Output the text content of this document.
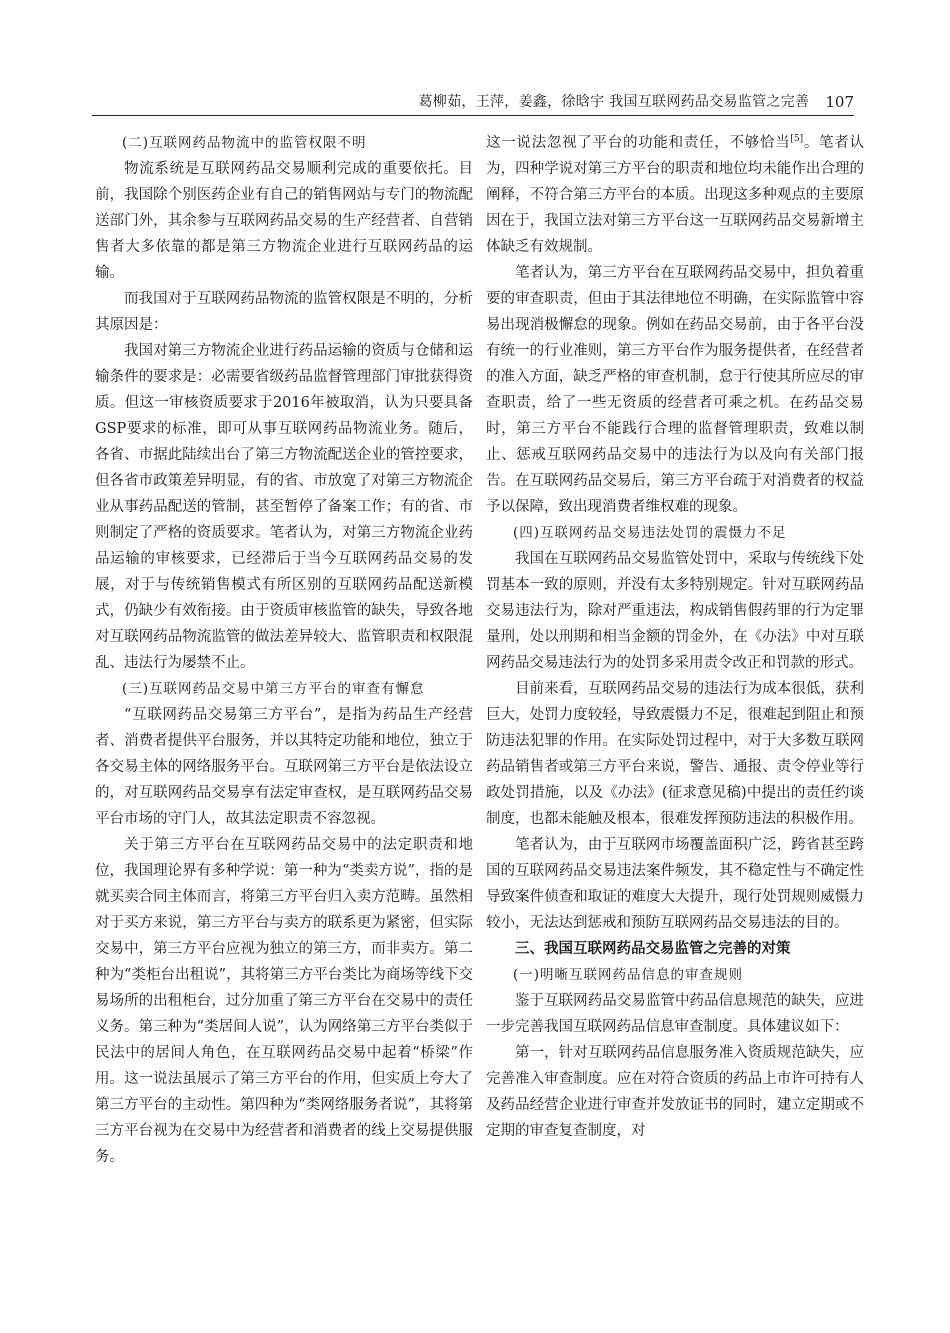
葛柳茹，王萍，姜鑫，徐晗宇 我国互联网药品交易监管之完善 107
(二)互联网药品物流中的监管权限不明

物流系统是互联网药品交易顺利完成的重要依托。目前，我国除个别医药企业有自己的销售网站与专门的物流配送部门外，其余参与互联网药品交易的生产经营者、自营销售者大多依靠的都是第三方物流企业进行互联网药品的运输。

而我国对于互联网药品物流的监管权限是不明的，分析其原因是：

我国对第三方物流企业进行药品运输的资质与仓储和运输条件的要求是：必需要省级药品监督管理部门审批获得资质。但这一审核资质要求于2016年被取消，认为只要具备GSP要求的标准，即可从事互联网药品物流业务。随后，各省、市据此陆续出台了第三方物流配送企业的管控要求，但各省市政策差异明显，有的省、市放宽了对第三方物流企业从事药品配送的管制，甚至暂停了备案工作；有的省、市则制定了严格的资质要求。笔者认为，对第三方物流企业药品运输的审核要求，已经滞后于当今互联网药品交易的发展，对于与传统销售模式有所区别的互联网药品配送新模式，仍缺少有效衔接。由于资质审核监管的缺失，导致各地对互联网药品物流监管的做法差异较大、监管职责和权限混乱、违法行为屡禁不止。

(三)互联网药品交易中第三方平台的审查有懈怠

“互联网药品交易第三方平台”，是指为药品生产经营者、消费者提供平台服务，并以其特定功能和地位，独立于各交易主体的网络服务平台。互联网第三方平台是依法设立的，对互联网药品交易享有法定审查权，是互联网药品交易平台市场的守门人，故其法定职责不容忽视。

关于第三方平台在互联网药品交易中的法定职责和地位，我国理论界有多种学说：第一种为“类卖方说”，指的是就买卖合同主体而言，将第三方平台归入卖方范畴。虽然相对于买方来说，第三方平台与卖方的联系更为紧密，但实际交易中，第三方平台应视为独立的第三方，而非卖方。第二种为“类柜台出租说”，其将第三方平台类比为商场等线下交易场所的出租柜台，过分加重了第三方平台在交易中的责任义务。第三种为“类居间人说”，认为网络第三方平台类似于民法中的居间人角色，在互联网药品交易中起着“桥梁”作用。这一说法虽展示了第三方平台的作用，但实质上夸大了第三方平台的主动性。第四种为“类网络服务者说”，其将第三方平台视为在交易中为经营者和消费者的线上交易提供服务。

这一说法忽视了平台的功能和责任，不够恰当[5]。笔者认为，四种学说对第三方平台的职责和地位均未能作出合理的阐释，不符合第三方平台的本质。出现这多种观点的主要原因在于，我国立法对第三方平台这一互联网药品交易新增主体缺乏有效规制。

笔者认为，第三方平台在互联网药品交易中，担负着重要的审查职责，但由于其法律地位不明确，在实际监管中容易出现消极懈怠的现象。例如在药品交易前，由于各平台没有统一的行业准则，第三方平台作为服务提供者，在经营者的准入方面，缺乏严格的审查机制，怠于行使其所应尽的审查职责，给了一些无资质的经营者可乘之机。在药品交易时，第三方平台不能践行合理的监督管理职责，致难以制止、惩戒互联网药品交易中的违法行为以及向有关部门报告。在互联网药品交易后，第三方平台疏于对消费者的权益予以保障，致出现消费者维权难的现象。

(四)互联网药品交易违法处罚的震慑力不足

我国在互联网药品交易监管处罚中，采取与传统线下处罚基本一致的原则，并没有太多特别规定。针对互联网药品交易违法行为，除对严重违法，构成销售假药罪的行为定罪量刑，处以刑期和相当金额的罚金外，在《办法》中对互联网药品交易违法行为的处罚多采用责令改正和罚款的形式。

目前来看，互联网药品交易的违法行为成本很低，获利巨大，处罚力度较轻，导致震慑力不足，很难起到阻止和预防违法犯罪的作用。在实际处罚过程中，对于大多数互联网药品销售者或第三方平台来说，警告、通报、责令停业等行政处罚措施，以及《办法》(征求意见稿)中提出的责任约谈制度，也都未能触及根本，很难发挥预防违法的积极作用。

笔者认为，由于互联网市场覆盖面积广泛，跨省甚至跨国的互联网药品交易违法案件频发，其不稳定性与不确定性导致案件侦查和取证的难度大大提升，现行处罚规则威慑力较小，无法达到惩戒和预防互联网药品交易违法的目的。

三、我国互联网药品交易监管之完善的对策
(一)明晰互联网药品信息的审查规则

鉴于互联网药品交易监管中药品信息规范的缺失，应进一步完善我国互联网药品信息审查制度。具体建议如下：

第一，针对互联网药品信息服务准入资质规范缺失，应完善准入审查制度。应在对符合资质的药品上市许可持有人及药品经营企业进行审查并发放证书的同时，建立定期或不定期的审查复查制度，对
